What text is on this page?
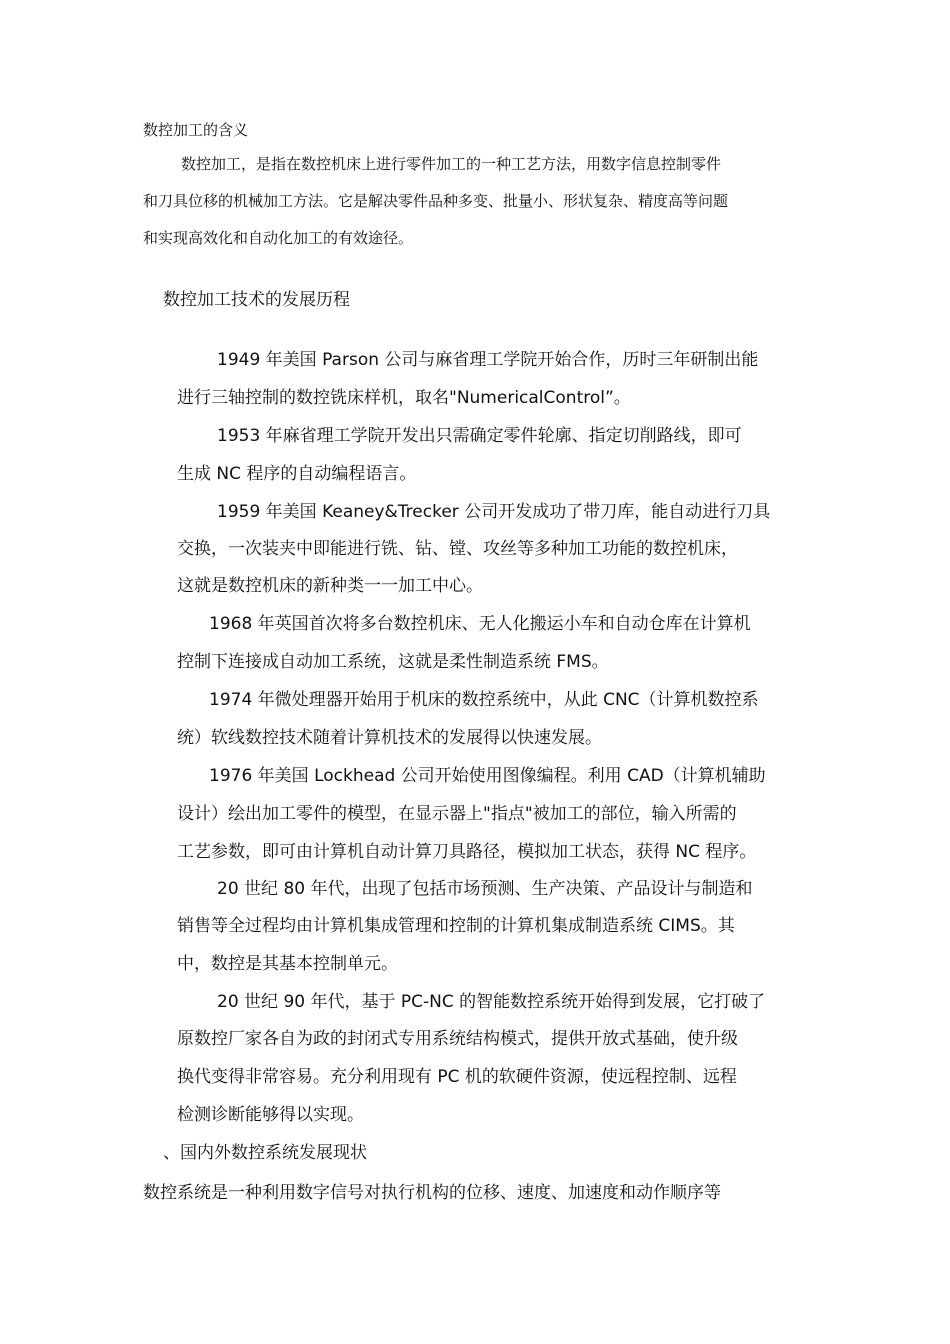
数控加工的含义

数控加工，是指在数控机床上进行零件加工的一种工艺方法，用数字信息控制零件

和刀具位移的机械加工方法。它是解决零件品种多变、批量小、形状复杂、精度高等问题

和实现高效化和自动化加工的有效途径。

数控加工技术的发展历程

1949 年美国 Parson 公司与麻省理工学院开始合作，历时三年研制出能

进行三轴控制的数控铣床样机，取名"NumericalControl”。

1953 年麻省理工学院开发出只需确定零件轮廓、指定切削路线，即可

生成 NC 程序的自动编程语言。

1959 年美国 Keaney&Trecker 公司开发成功了带刀库，能自动进行刀具

交换，一次装夹中即能进行铣、钻、镗、攻丝等多种加工功能的数控机床，

这就是数控机床的新种类一一加工中心。

1968 年英国首次将多台数控机床、无人化搬运小车和自动仓库在计算机

控制下连接成自动加工系统，这就是柔性制造系统 FMS。

1974 年微处理器开始用于机床的数控系统中，从此 CNC（计算机数控系

统）软线数控技术随着计算机技术的发展得以快速发展。

1976 年美国 Lockhead 公司开始使用图像编程。利用 CAD（计算机辅助

设计）绘出加工零件的模型，在显示器上"指点"被加工的部位，输入所需的

工艺参数，即可由计算机自动计算刀具路径，模拟加工状态，获得 NC 程序。

20 世纪 80 年代，出现了包括市场预测、生产决策、产品设计与制造和

销售等全过程均由计算机集成管理和控制的计算机集成制造系统 CIMS。其

中，数控是其基本控制单元。

20 世纪 90 年代，基于 PC-NC 的智能数控系统开始得到发展，它打破了

原数控厂家各自为政的封闭式专用系统结构模式，提供开放式基础，使升级

换代变得非常容易。充分利用现有 PC 机的软硬件资源，使远程控制、远程

检测诊断能够得以实现。

、国内外数控系统发展现状

数控系统是一种利用数字信号对执行机构的位移、速度、加速度和动作顺序等
